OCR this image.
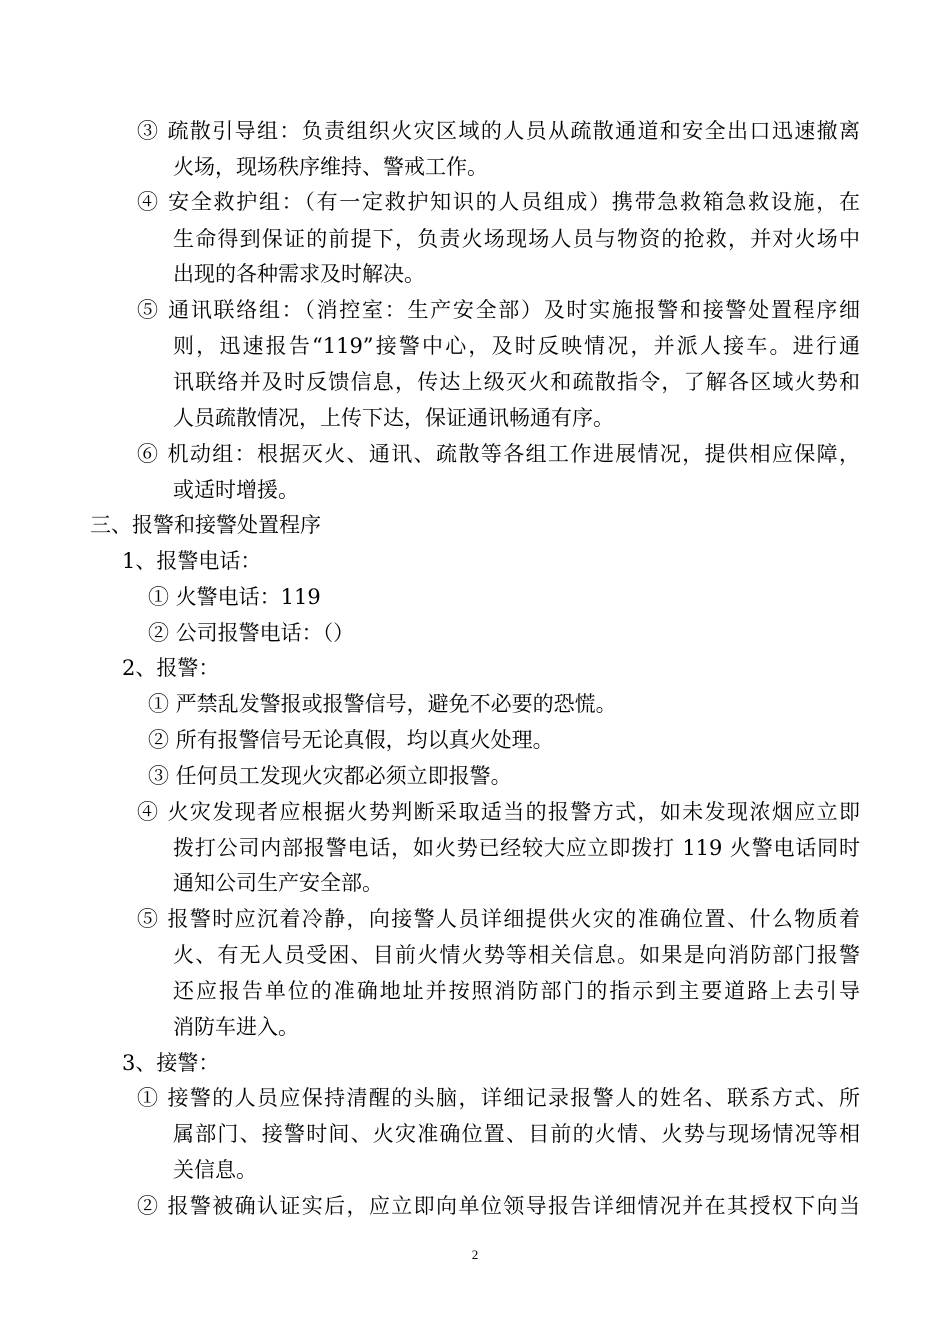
③ 疏散引导组：负责组织火灾区域的人员从疏散通道和安全出口迅速撤离
火场，现场秩序维持、警戒工作。
④ 安全救护组：（有一定救护知识的人员组成）携带急救箱急救设施，在
生命得到保证的前提下，负责火场现场人员与物资的抢救，并对火场中
出现的各种需求及时解决。
⑤ 通讯联络组：（消控室：生产安全部）及时实施报警和接警处置程序细
则，迅速报告“119”接警中心，及时反映情况，并派人接车。进行通
讯联络并及时反馈信息，传达上级灭火和疏散指令，了解各区域火势和
人员疏散情况，上传下达，保证通讯畅通有序。
⑥ 机动组：根据灭火、通讯、疏散等各组工作进展情况，提供相应保障，
或适时增援。
三、报警和接警处置程序
1、报警电话：
① 火警电话：119
② 公司报警电话：（）
2、报警：
① 严禁乱发警报或报警信号，避免不必要的恐慌。
② 所有报警信号无论真假，均以真火处理。
③ 任何员工发现火灾都必须立即报警。
④ 火灾发现者应根据火势判断采取适当的报警方式，如未发现浓烟应立即
拨打公司内部报警电话，如火势已经较大应立即拨打 119 火警电话同时
通知公司生产安全部。
⑤ 报警时应沉着冷静，向接警人员详细提供火灾的准确位置、什么物质着
火、有无人员受困、目前火情火势等相关信息。如果是向消防部门报警
还应报告单位的准确地址并按照消防部门的指示到主要道路上去引导
消防车进入。
3、接警：
① 接警的人员应保持清醒的头脑，详细记录报警人的姓名、联系方式、所
属部门、接警时间、火灾准确位置、目前的火情、火势与现场情况等相
关信息。
② 报警被确认证实后，应立即向单位领导报告详细情况并在其授权下向当
2
